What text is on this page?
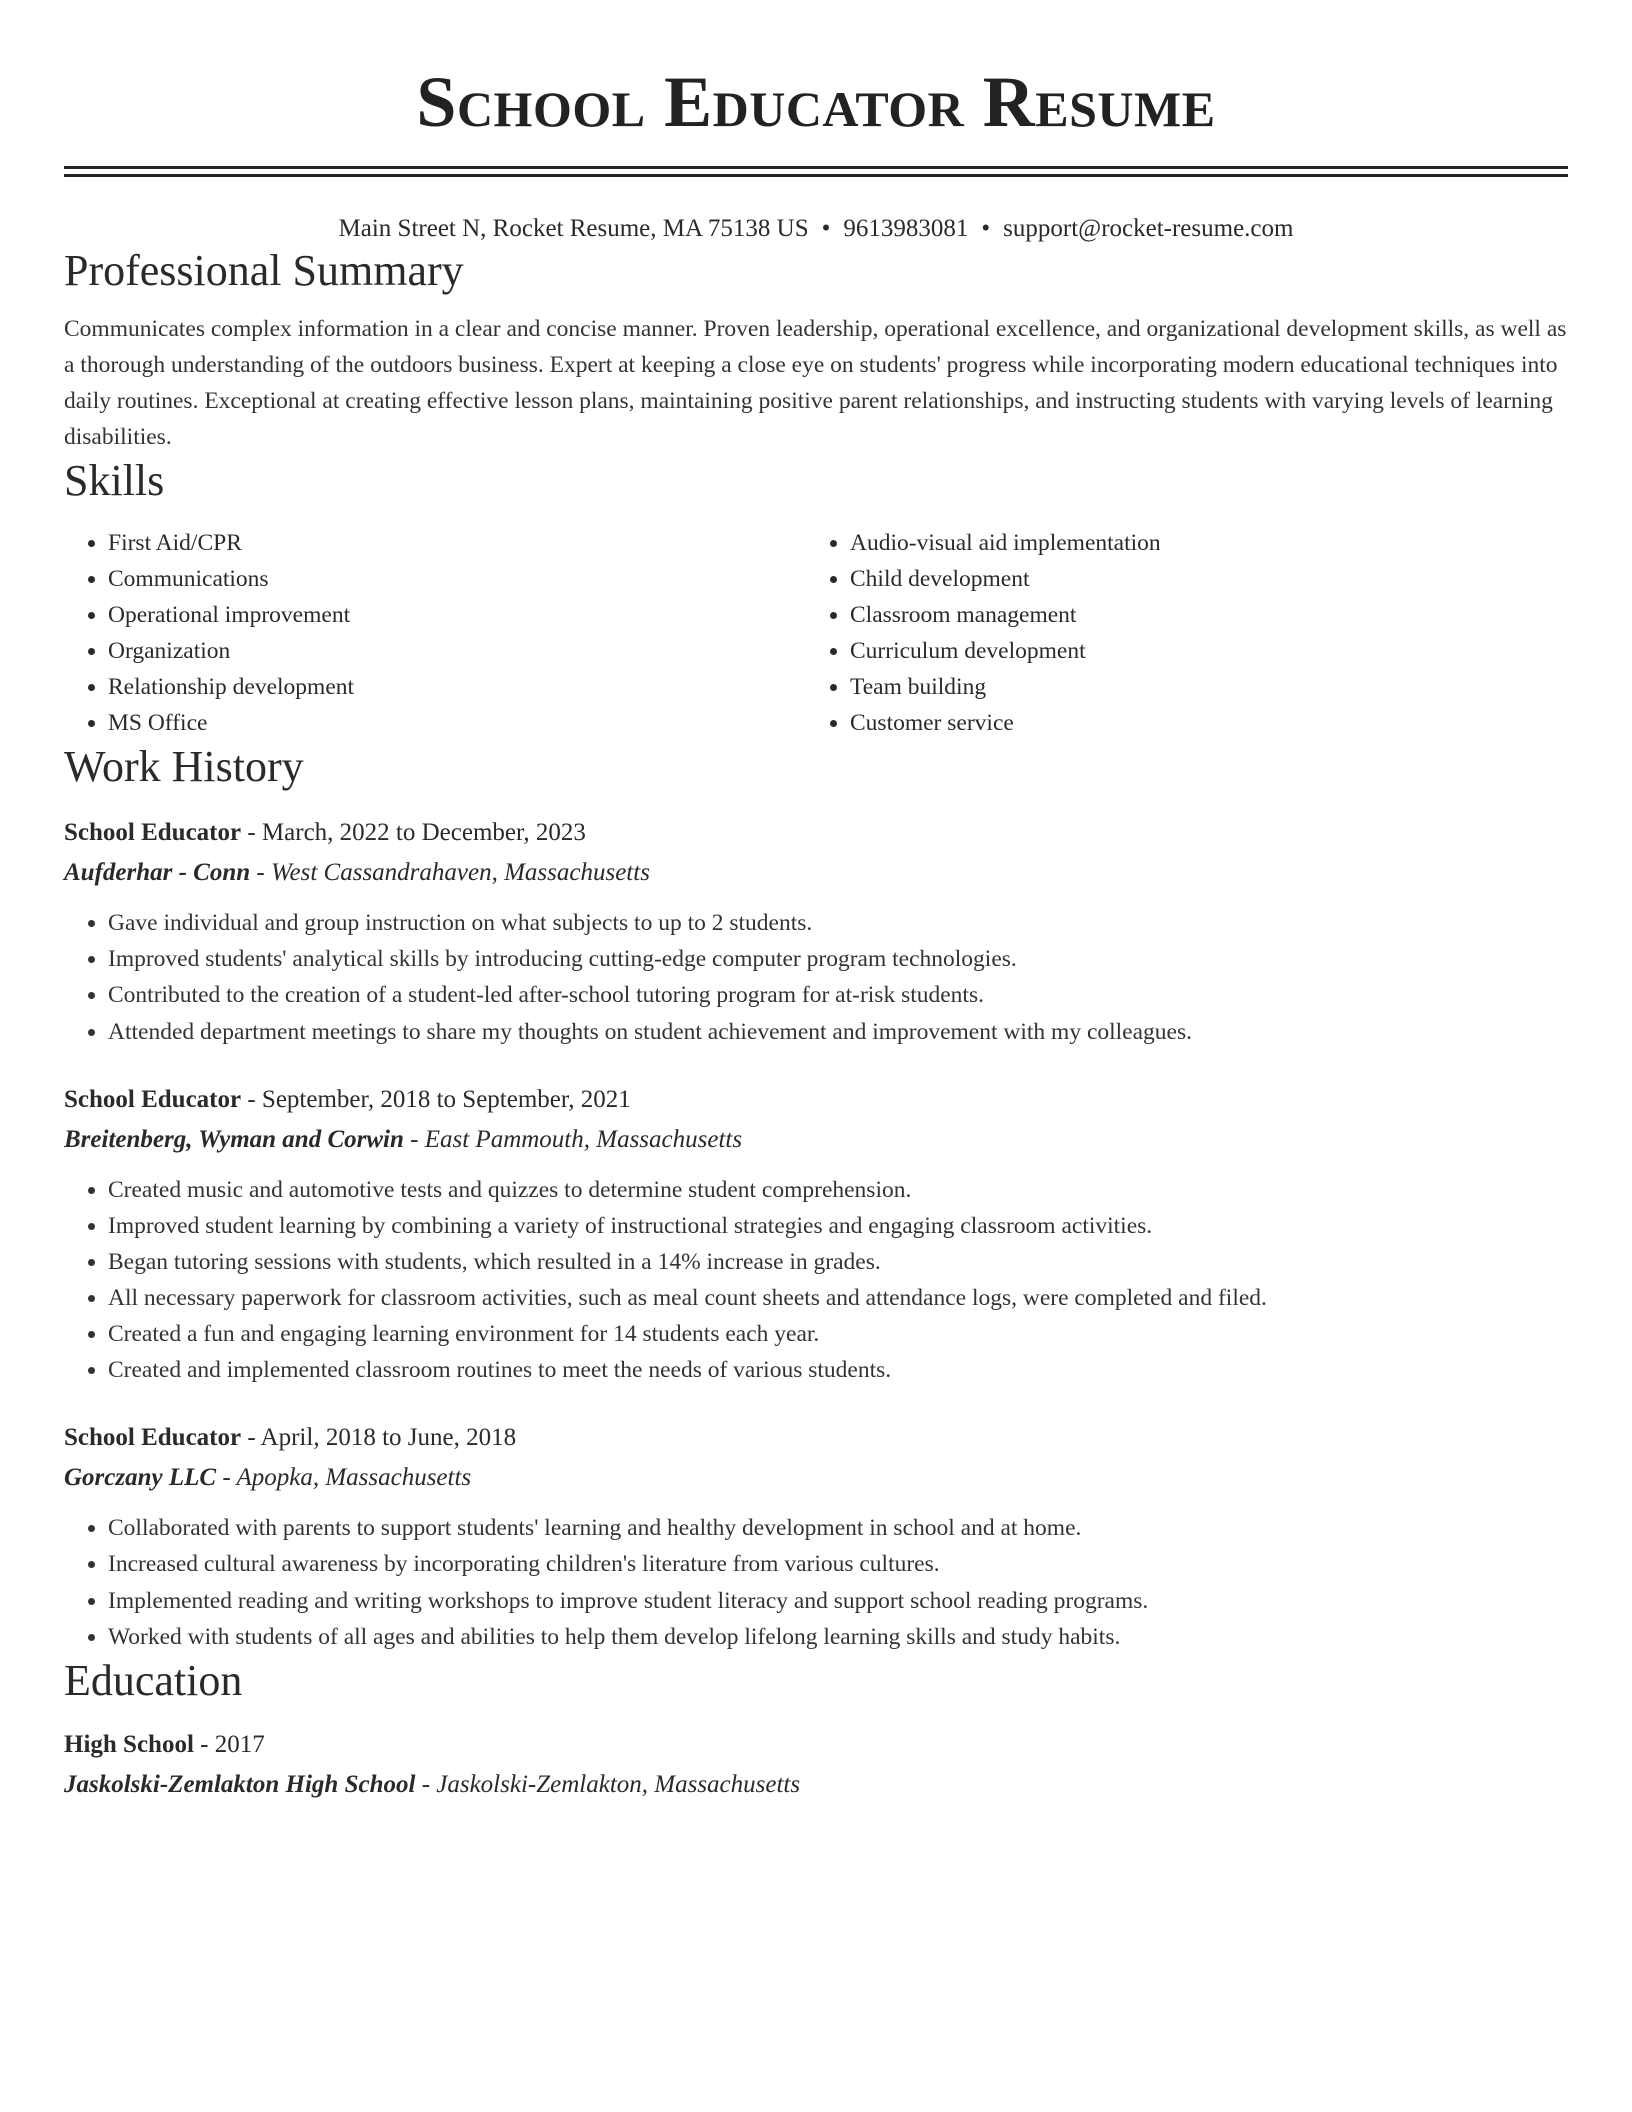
School Educator Resume
Main Street N, Rocket Resume, MA 75138 US • 9613983081 • support@rocket-resume.com
Professional Summary
Communicates complex information in a clear and concise manner. Proven leadership, operational excellence, and organizational development skills, as well as a thorough understanding of the outdoors business. Expert at keeping a close eye on students' progress while incorporating modern educational techniques into daily routines. Exceptional at creating effective lesson plans, maintaining positive parent relationships, and instructing students with varying levels of learning disabilities.
Skills
• First Aid/CPR
• Communications
• Operational improvement
• Organization
• Relationship development
• MS Office
• Audio-visual aid implementation
• Child development
• Classroom management
• Curriculum development
• Team building
• Customer service
Work History
School Educator - March, 2022 to December, 2023
Aufderhar - Conn - West Cassandrahaven, Massachusetts
• Gave individual and group instruction on what subjects to up to 2 students.
• Improved students' analytical skills by introducing cutting-edge computer program technologies.
• Contributed to the creation of a student-led after-school tutoring program for at-risk students.
• Attended department meetings to share my thoughts on student achievement and improvement with my colleagues.
School Educator - September, 2018 to September, 2021
Breitenberg, Wyman and Corwin - East Pammouth, Massachusetts
• Created music and automotive tests and quizzes to determine student comprehension.
• Improved student learning by combining a variety of instructional strategies and engaging classroom activities.
• Began tutoring sessions with students, which resulted in a 14% increase in grades.
• All necessary paperwork for classroom activities, such as meal count sheets and attendance logs, were completed and filed.
• Created a fun and engaging learning environment for 14 students each year.
• Created and implemented classroom routines to meet the needs of various students.
School Educator - April, 2018 to June, 2018
Gorczany LLC - Apopka, Massachusetts
• Collaborated with parents to support students' learning and healthy development in school and at home.
• Increased cultural awareness by incorporating children's literature from various cultures.
• Implemented reading and writing workshops to improve student literacy and support school reading programs.
• Worked with students of all ages and abilities to help them develop lifelong learning skills and study habits.
Education
High School - 2017
Jaskolski-Zemlakton High School - Jaskolski-Zemlakton, Massachusetts
